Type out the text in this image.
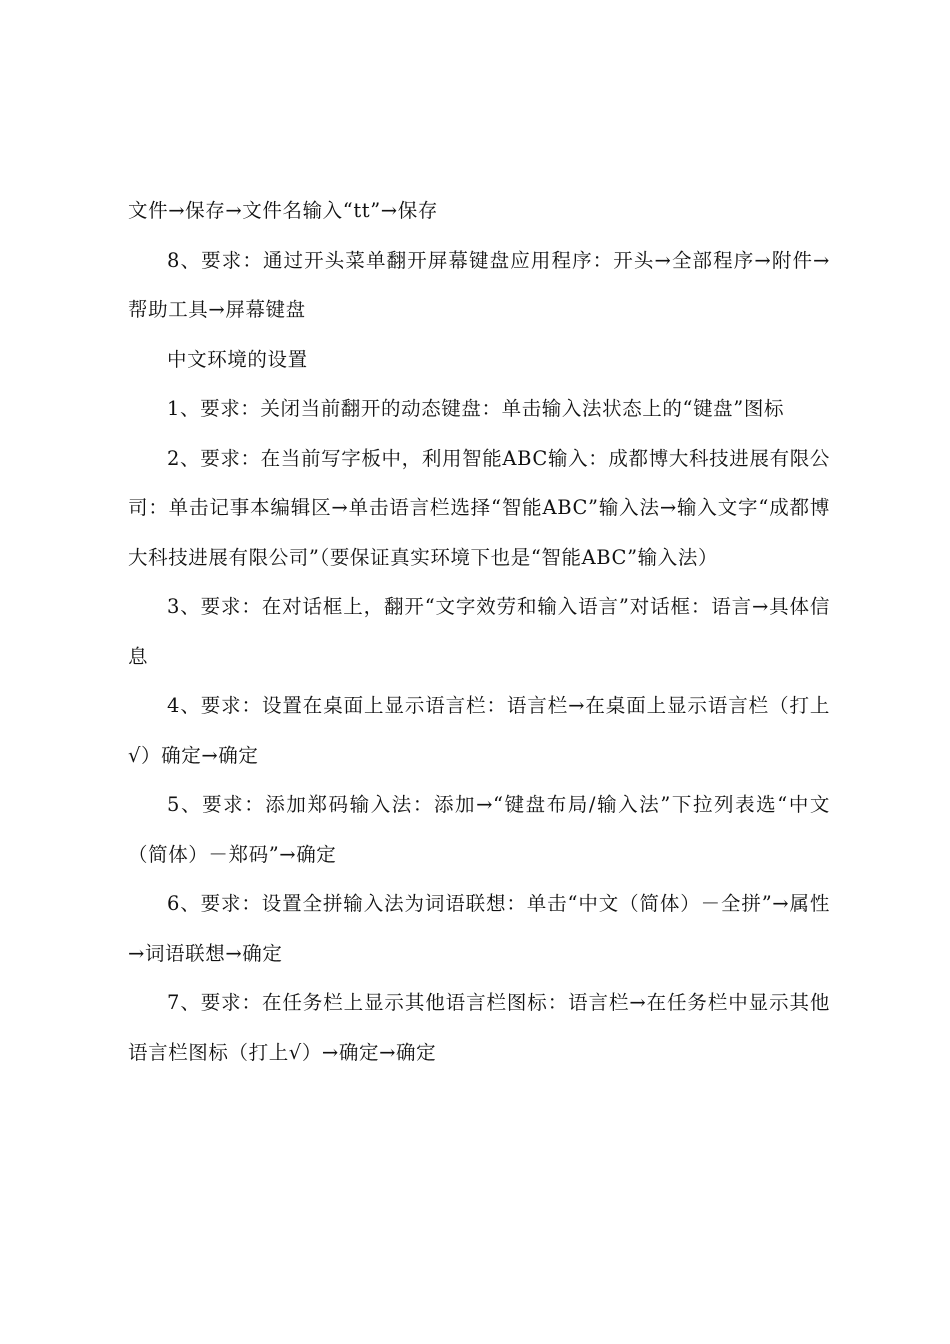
文件→保存→文件名输入“tt”→保存

8、要求：通过开头菜单翻开屏幕键盘应用程序：开头→全部程序→附件→帮助工具→屏幕键盘

中文环境的设置

1、要求：关闭当前翻开的动态键盘：单击输入法状态上的“键盘”图标

2、要求：在当前写字板中，利用智能ABC输入：成都博大科技进展有限公司：单击记事本编辑区→单击语言栏选择“智能ABC”输入法→输入文字“成都博大科技进展有限公司”（要保证真实环境下也是“智能ABC”输入法）

3、要求：在对话框上，翻开“文字效劳和输入语言”对话框：语言→具体信息

4、要求：设置在桌面上显示语言栏：语言栏→在桌面上显示语言栏（打上√）确定→确定

5、要求：添加郑码输入法：添加→“键盘布局/输入法”下拉列表选“中文（简体）－郑码”→确定

6、要求：设置全拼输入法为词语联想：单击“中文（简体）－全拼”→属性→词语联想→确定

7、要求：在任务栏上显示其他语言栏图标：语言栏→在任务栏中显示其他语言栏图标（打上√）→确定→确定
